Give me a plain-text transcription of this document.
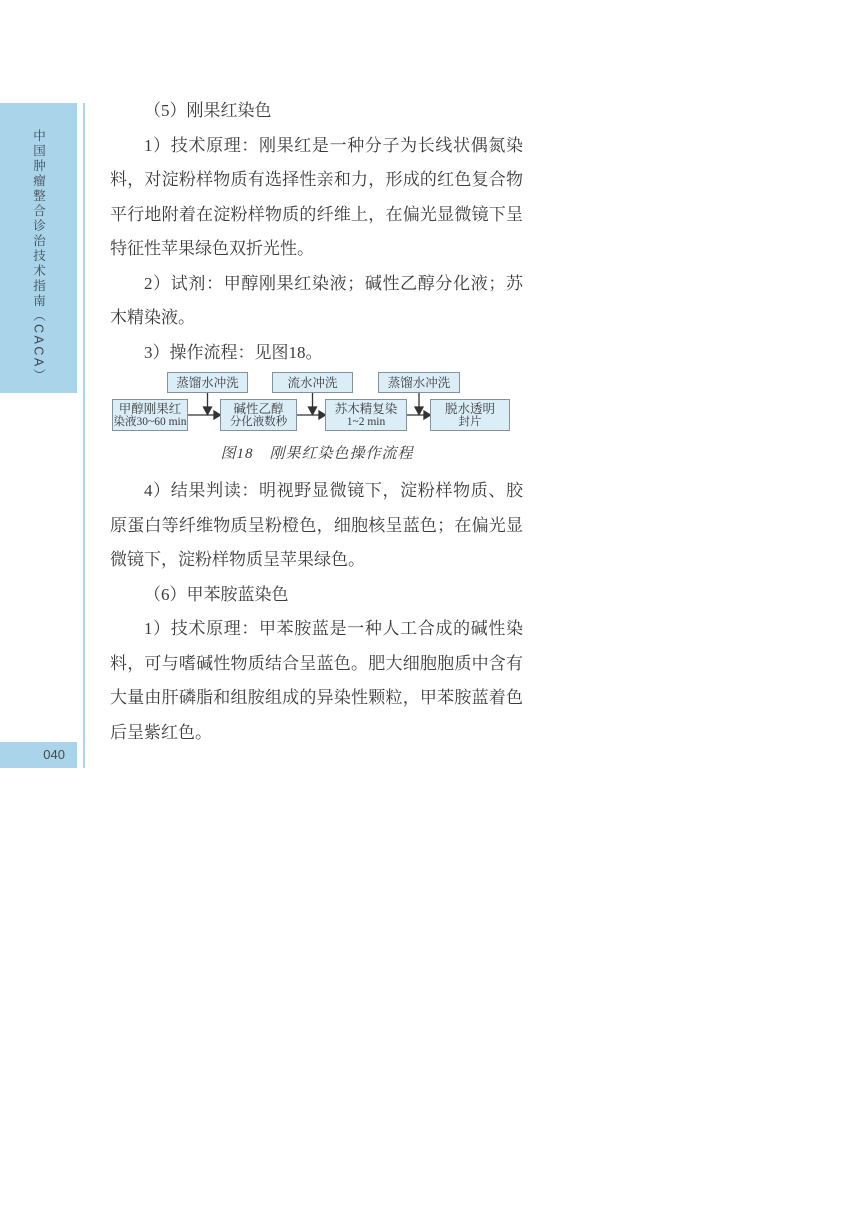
中国肿瘤整合诊治技术指南（CACA）
040
（5）刚果红染色
1）技术原理：刚果红是一种分子为长线状偶氮染
料，对淀粉样物质有选择性亲和力，形成的红色复合物
平行地附着在淀粉样物质的纤维上，在偏光显微镜下呈
特征性苹果绿色双折光性。
2）试剂：甲醇刚果红染液；碱性乙醇分化液；苏
木精染液。
3）操作流程：见图18。
蒸馏水冲洗	流水冲洗	蒸馏水冲洗
甲醇刚果红
染液30~60 min
碱性乙醇
分化液数秒
苏木精复染
1~2 min
脱水透明
封片
图18　刚果红染色操作流程
4）结果判读：明视野显微镜下，淀粉样物质、胶
原蛋白等纤维物质呈粉橙色，细胞核呈蓝色；在偏光显
微镜下，淀粉样物质呈苹果绿色。
（6）甲苯胺蓝染色
1）技术原理：甲苯胺蓝是一种人工合成的碱性染
料，可与嗜碱性物质结合呈蓝色。肥大细胞胞质中含有
大量由肝磷脂和组胺组成的异染性颗粒，甲苯胺蓝着色
后呈紫红色。
